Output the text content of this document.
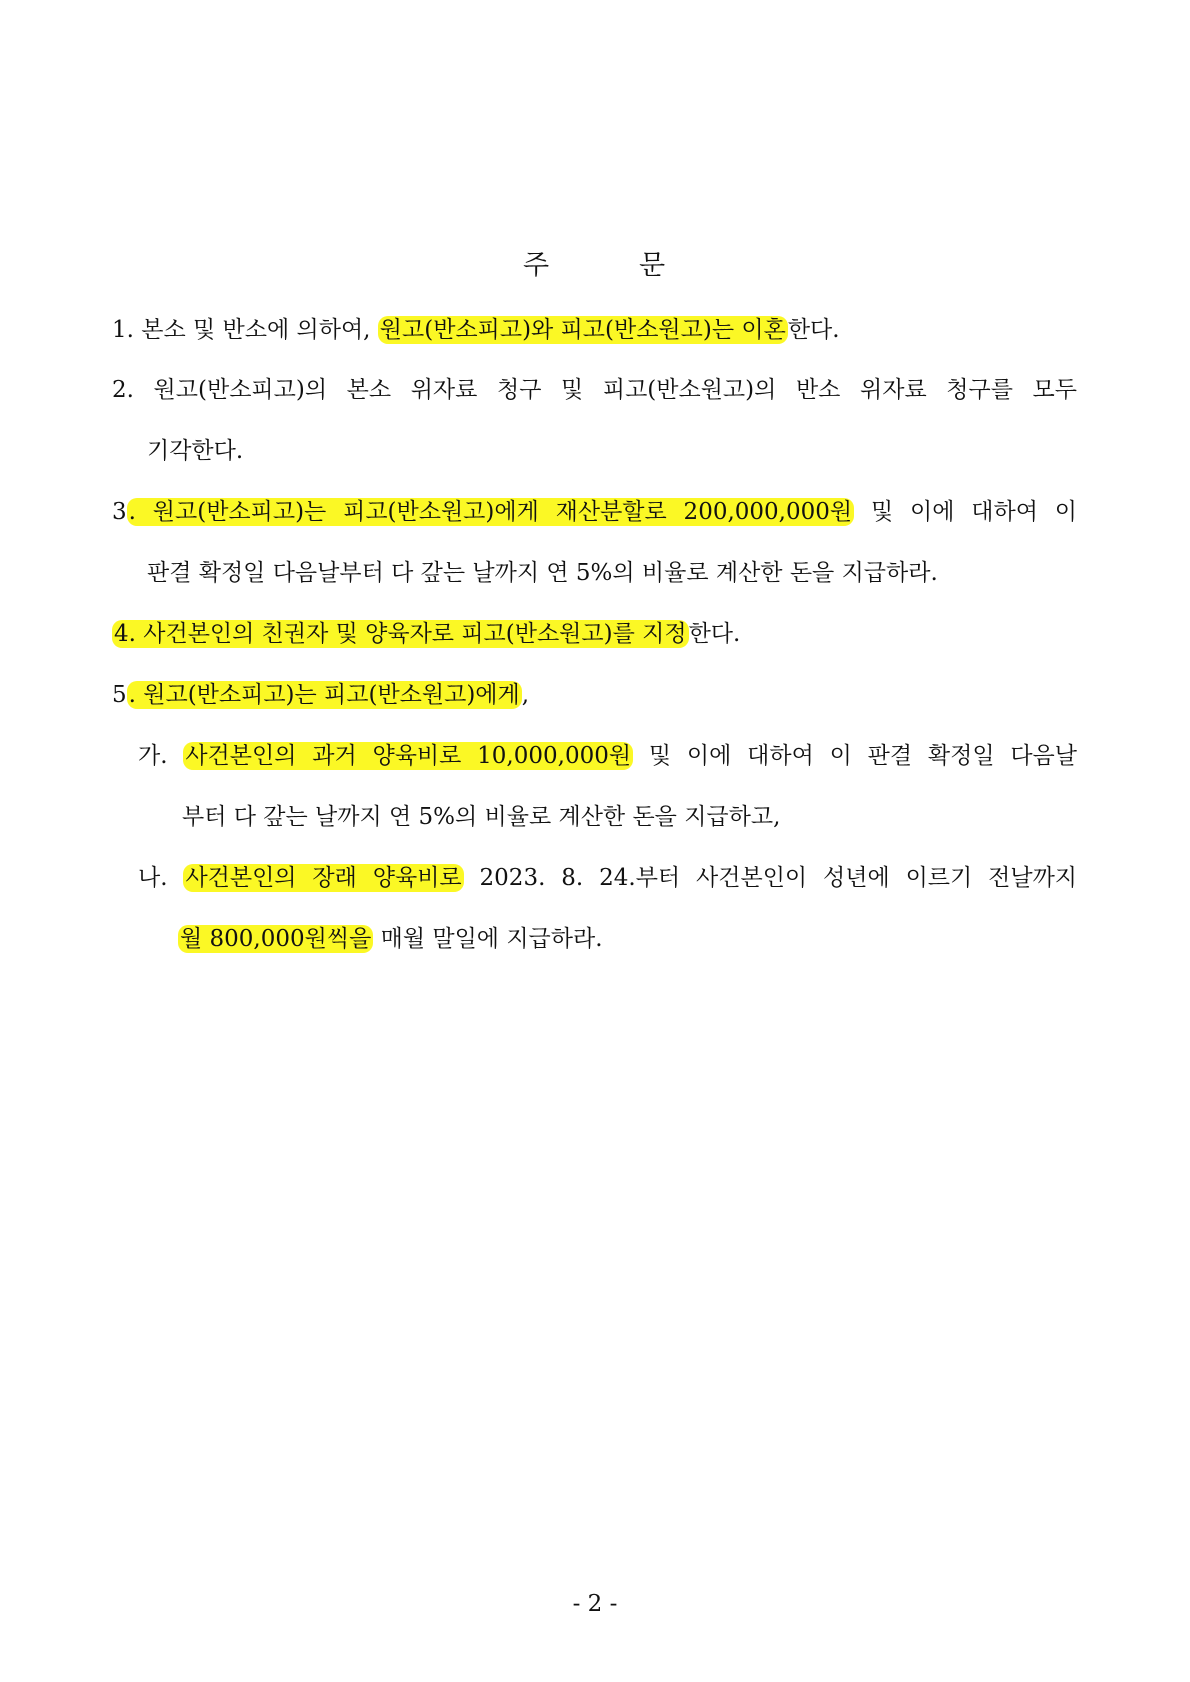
주	문
1. 본소 및 반소에 의하여, 원고(반소피고)와 피고(반소원고)는 이혼한다.
2. 원고(반소피고)의 본소 위자료 청구 및 피고(반소원고)의 반소 위자료 청구를 모두
기각한다.
3. 원고(반소피고)는 피고(반소원고)에게 재산분할로 200,000,000원 및 이에 대하여 이
판결 확정일 다음날부터 다 갚는 날까지 연 5%의 비율로 계산한 돈을 지급하라.
4. 사건본인의 친권자 및 양육자로 피고(반소원고)를 지정한다.
5. 원고(반소피고)는 피고(반소원고)에게,
가. 사건본인의 과거 양육비로 10,000,000원 및 이에 대하여 이 판결 확정일 다음날
부터 다 갚는 날까지 연 5%의 비율로 계산한 돈을 지급하고,
나. 사건본인의 장래 양육비로 2023. 8. 24.부터 사건본인이 성년에 이르기 전날까지
월 800,000원씩을 매월 말일에 지급하라.
- 2 -
